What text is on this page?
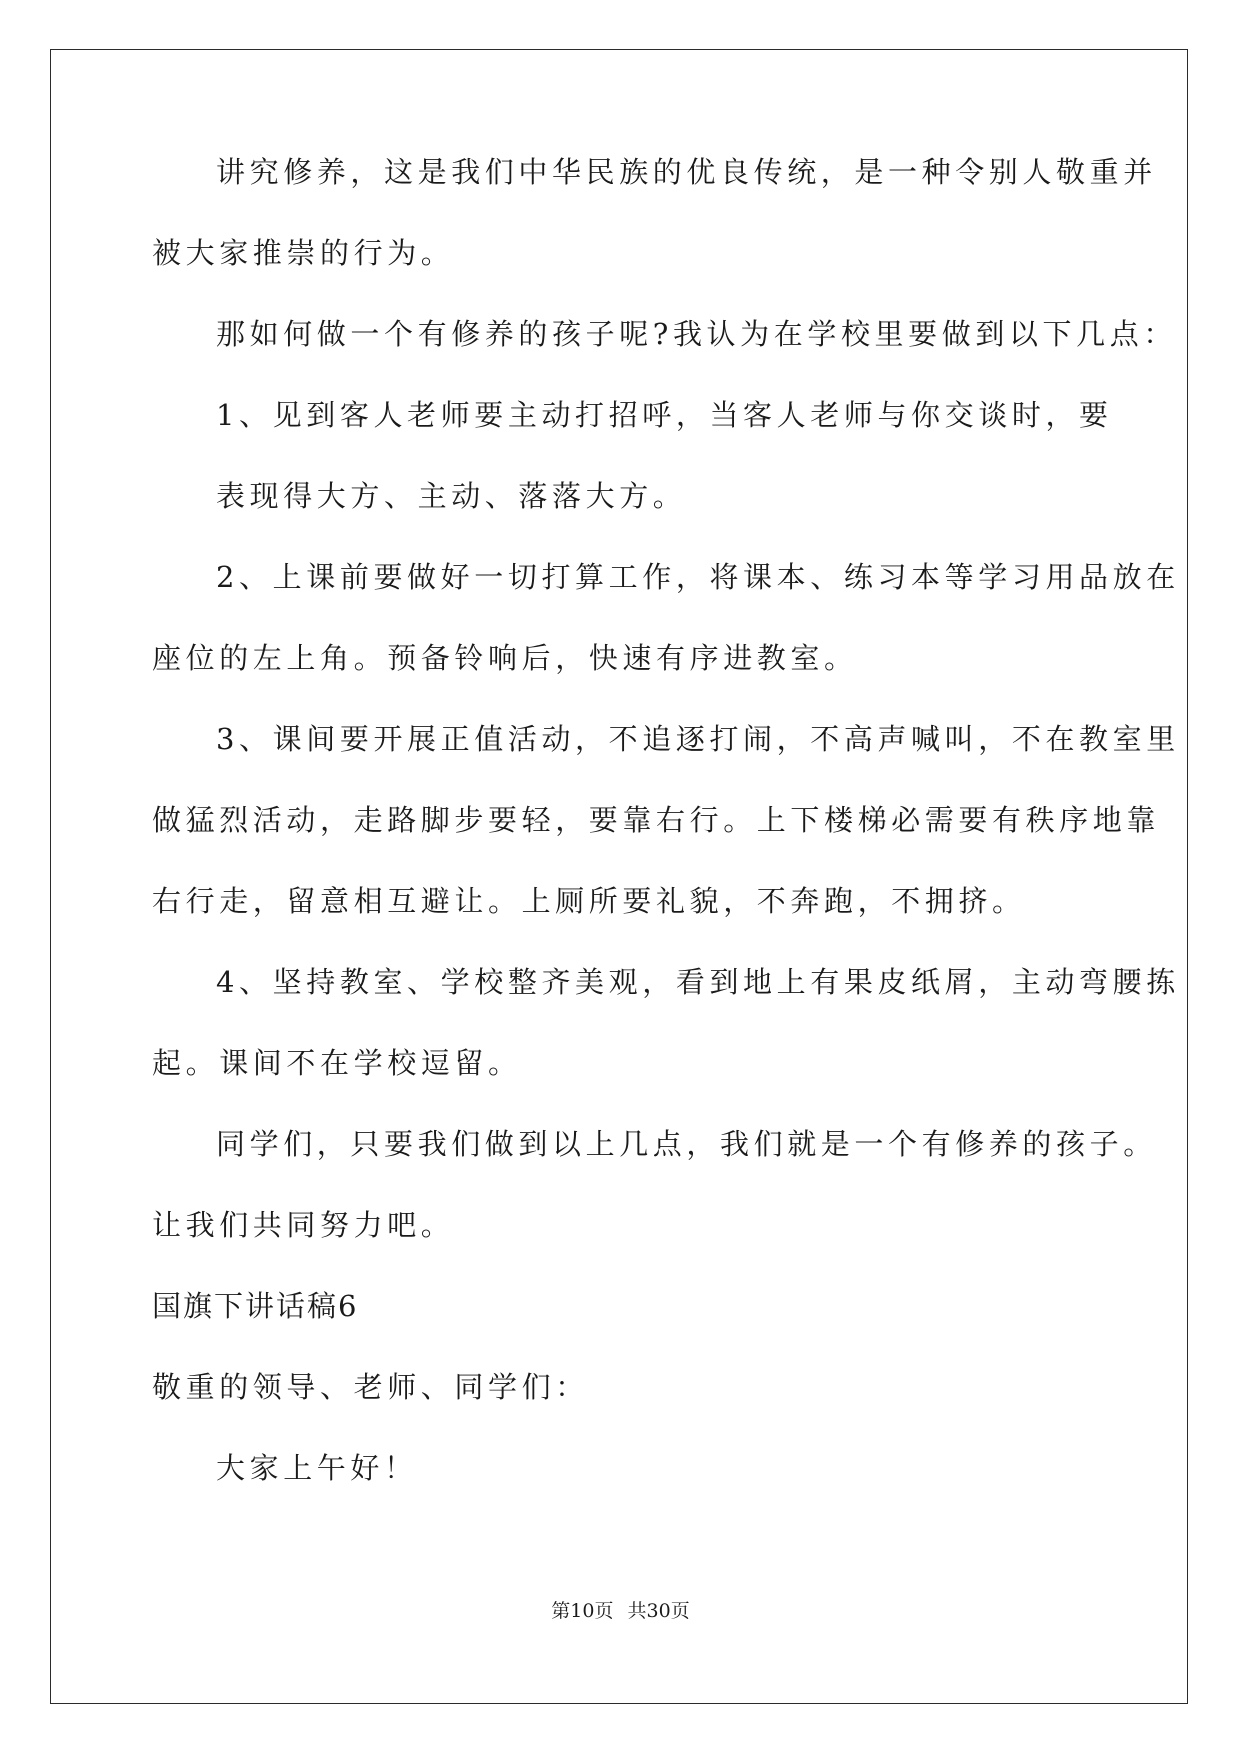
讲究修养，这是我们中华民族的优良传统，是一种令别人敬重并
被大家推崇的行为。
那如何做一个有修养的孩子呢?我认为在学校里要做到以下几点：
1、见到客人老师要主动打招呼，当客人老师与你交谈时，要
表现得大方、主动、落落大方。
2、上课前要做好一切打算工作，将课本、练习本等学习用品放在
座位的左上角。预备铃响后，快速有序进教室。
3、课间要开展正值活动，不追逐打闹，不高声喊叫，不在教室里
做猛烈活动，走路脚步要轻，要靠右行。上下楼梯必需要有秩序地靠
右行走，留意相互避让。上厕所要礼貌，不奔跑，不拥挤。
4、坚持教室、学校整齐美观，看到地上有果皮纸屑，主动弯腰拣
起。课间不在学校逗留。
同学们，只要我们做到以上几点，我们就是一个有修养的孩子。
让我们共同努力吧。
国旗下讲话稿6
敬重的领导、老师、同学们：
大家上午好！
第10页 共30页
